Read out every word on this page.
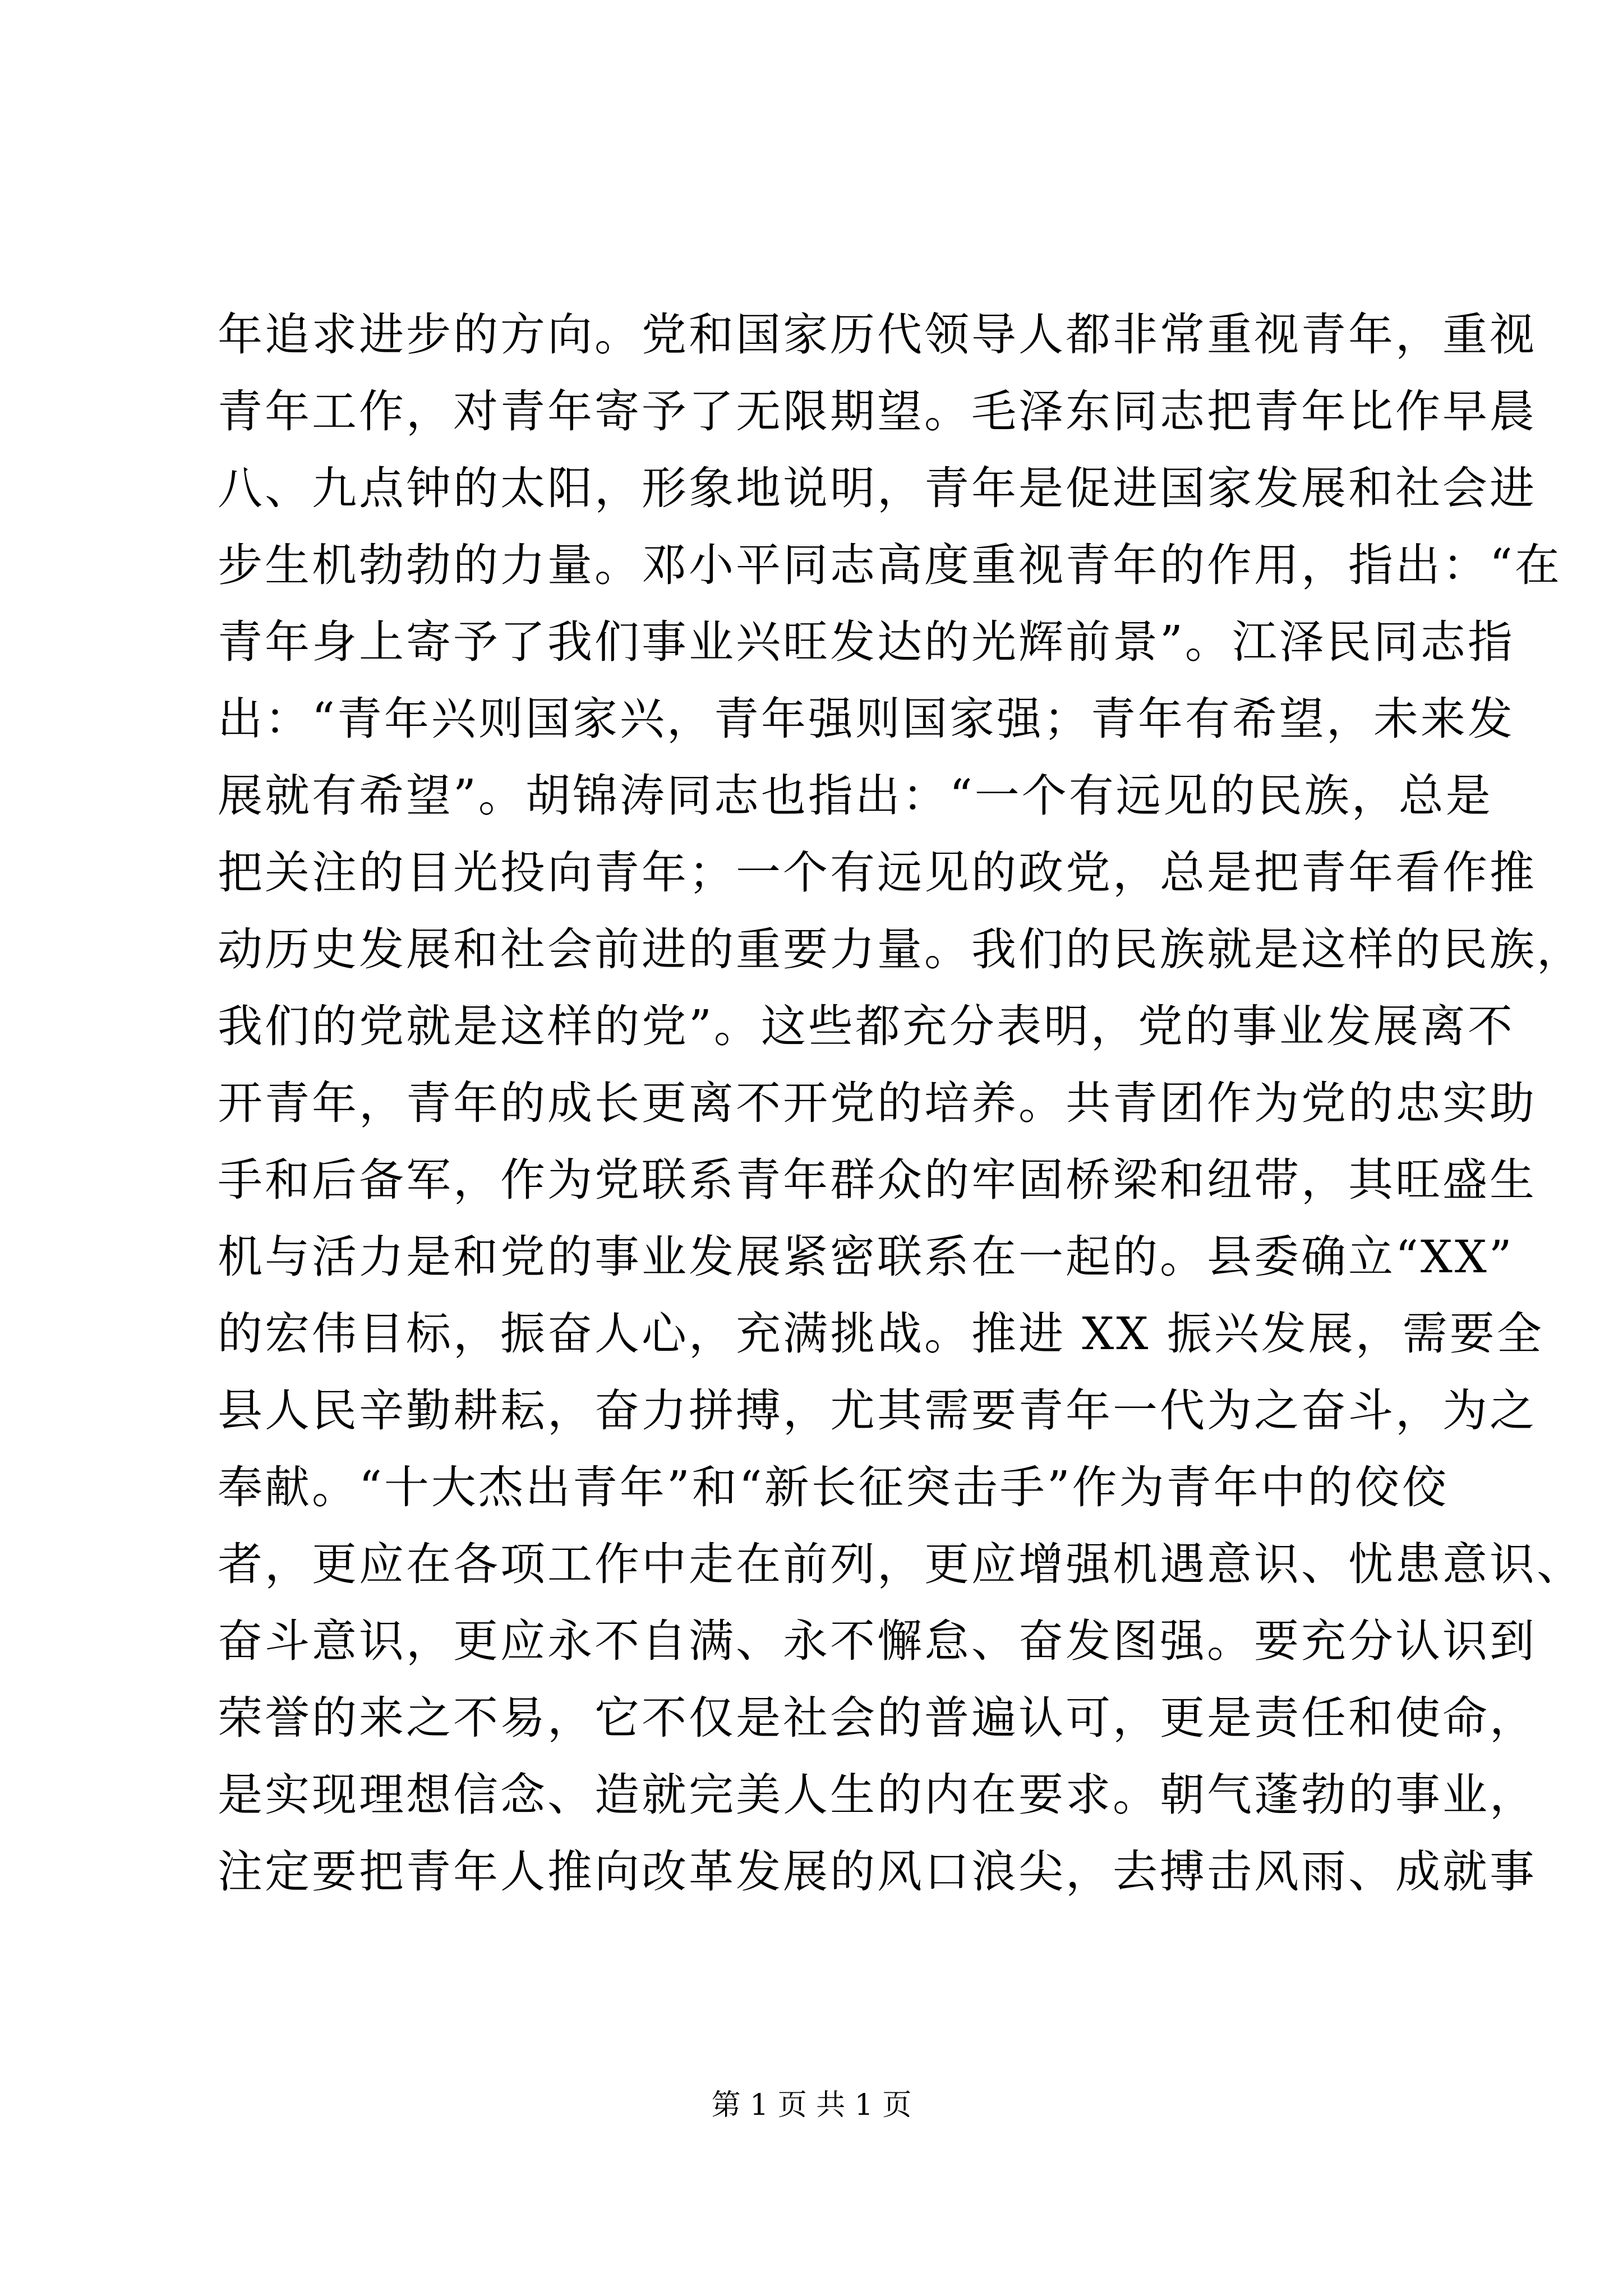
年追求进步的方向。党和国家历代领导人都非常重视青年，重视
青年工作，对青年寄予了无限期望。毛泽东同志把青年比作早晨
八、九点钟的太阳，形象地说明，青年是促进国家发展和社会进
步生机勃勃的力量。邓小平同志高度重视青年的作用，指出：“在
青年身上寄予了我们事业兴旺发达的光辉前景”。江泽民同志指
出：“青年兴则国家兴，青年强则国家强；青年有希望，未来发
展就有希望”。胡锦涛同志也指出：“一个有远见的民族，总是
把关注的目光投向青年；一个有远见的政党，总是把青年看作推
动历史发展和社会前进的重要力量。我们的民族就是这样的民族，
我们的党就是这样的党”。这些都充分表明，党的事业发展离不
开青年，青年的成长更离不开党的培养。共青团作为党的忠实助
手和后备军，作为党联系青年群众的牢固桥梁和纽带，其旺盛生
机与活力是和党的事业发展紧密联系在一起的。县委确立“XX”
的宏伟目标，振奋人心，充满挑战。推进 XX 振兴发展，需要全
县人民辛勤耕耘，奋力拼搏，尤其需要青年一代为之奋斗，为之
奉献。“十大杰出青年”和“新长征突击手”作为青年中的佼佼
者，更应在各项工作中走在前列，更应增强机遇意识、忧患意识、
奋斗意识，更应永不自满、永不懈怠、奋发图强。要充分认识到
荣誉的来之不易，它不仅是社会的普遍认可，更是责任和使命，
是实现理想信念、造就完美人生的内在要求。朝气蓬勃的事业，
注定要把青年人推向改革发展的风口浪尖，去搏击风雨、成就事
第 1 页 共 1 页
